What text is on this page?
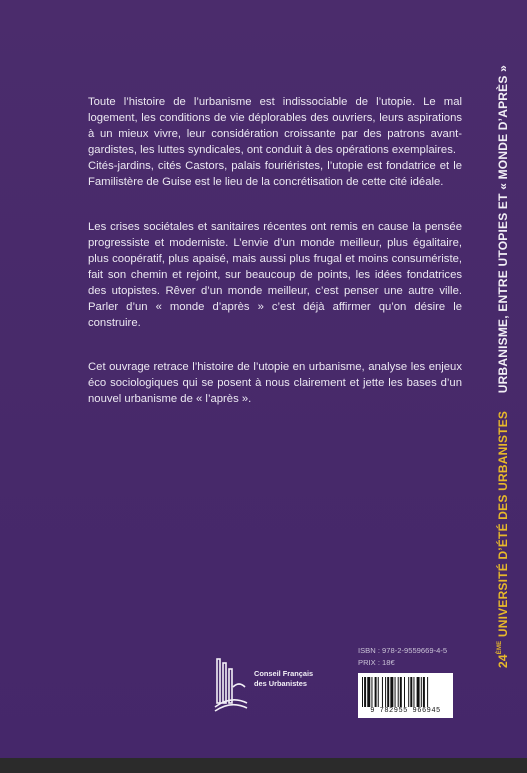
Toute l’histoire de l’urbanisme est indissociable de l’utopie. Le mal logement, les conditions de vie déplorables des ouvriers, leurs aspirations à un mieux vivre, leur considération croissante par des patrons avant-gardistes, les luttes syndicales, ont conduit à des opérations exemplaires.

Cités-jardins, cités Castors, palais fouriéristes, l’utopie est fondatrice et le Familistère de Guise est le lieu de la concrétisation de cette cité idéale.

Les crises sociétales et sanitaires récentes ont remis en cause la pensée progressiste et moderniste. L’envie d’un monde meilleur, plus égalitaire, plus coopératif, plus apaisé, mais aussi plus frugal et moins consumériste, fait son chemin et rejoint, sur beaucoup de points, les idées fondatrices des utopistes. Rêver d’un monde meilleur, c’est penser une autre ville. Parler d’un « monde d’après » c’est déjà affirmer qu’on désire le construire.

Cet ouvrage retrace l’histoire de l’utopie en urbanisme, analyse les enjeux éco sociologiques qui se posent à nous clairement et jette les bases d’un nouvel urbanisme de « l’après ».

24ÈME UNIVERSITÉ D’ÉTÉ DES URBANISTES     URBANISME, ENTRE UTOPIES ET « MONDE D’APRÈS »
Conseil Français
des Urbanistes
ISBN : 978-2-9559669-4-5
PRIX : 18€
9 782955 966945
